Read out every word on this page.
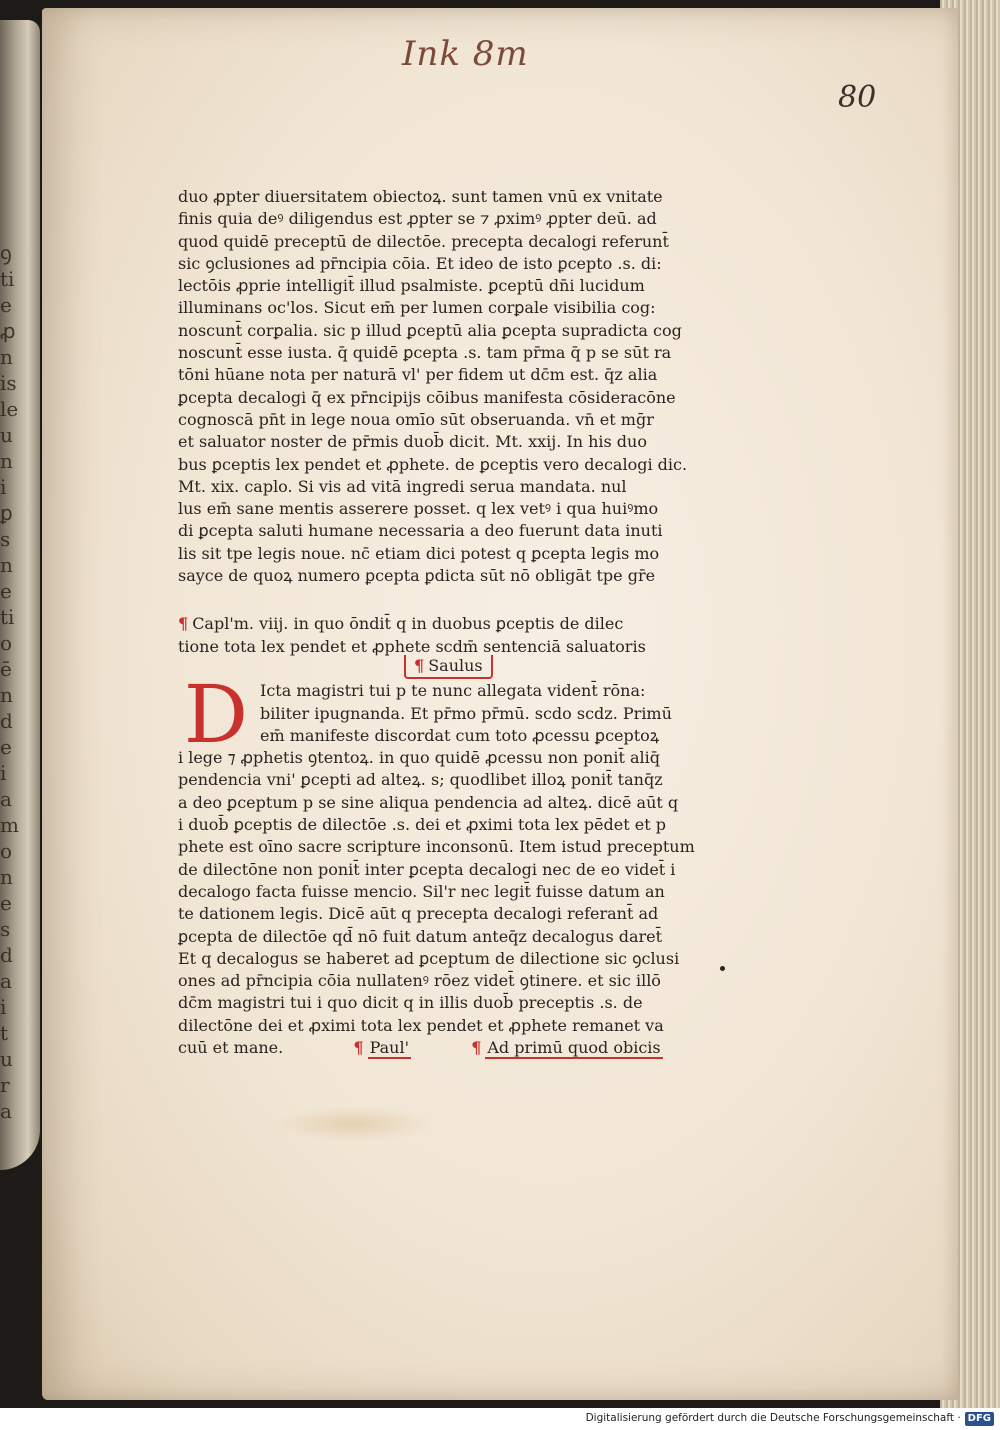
ꝯ
ti
e
ꝓ
n
is
le
u
n
i
ꝑ
s
n
e
ti
o
ē
n
d
e
i
a
m
o
n
e
s
d
a
i
t
u
r
a
Ink 8m
80
duo ꝓpter diuersitatem obiectoꝝ. sunt tamen vnū ex vnitate
finis quia deꝰ diligendus est ꝓpter se ⁊ ꝓximꝰ ꝓpter deū. ad
quod quidē preceptū de dilectōe. precepta decalogi referunt̄
sic ꝯclusiones ad pr̄ncipia cōia. Et ideo de isto ꝑcepto .s. di:
lectōis ꝓprie intelligit̄ illud psalmiste. ꝑceptū dn̄i lucidum
illuminans oc'los. Sicut em̄ per lumen corꝑale visibilia cog:
noscunt̄ corꝑalia. sic p illud ꝑceptū alia ꝑcepta supradicta cog
noscunt̄ esse iusta. q̄ quidē ꝑcepta .s. tam pr̄ma q̄ p se sūt ra
tōni hūane nota per naturā vl' per fidem ut dc̄m est. q̄z alia
ꝑcepta decalogi q̄ ex pr̄ncipijs cōibus manifesta cōsideracōne
cognoscā pn̄t in lege noua omīo sūt obseruanda. vn̄ et mḡr
et saluator noster de pr̄mis duob̄ dicit. Mt. xxij. In his duo
bus ꝑceptis lex pendet et ꝓphete. de ꝑceptis vero decalogi dic.
Mt. xix. caplo. Si vis ad vitā ingredi serua mandata. nul
lus em̄ sane mentis asserere posset. q lex vetꝰ i qua huiꝰmo
di ꝑcepta saluti humane necessaria a deo fuerunt data inuti
lis sit tpe legis noue. nc̄ etiam dici potest q ꝑcepta legis mo
sayce de quoꝝ numero ꝑcepta ꝑdicta sūt nō obligāt tpe gr̄e
¶ Capl'm. viij. in quo ōndit̄ q in duobus ꝑceptis de dilec
tione tota lex pendet et ꝓphete scdm̄ sentenciā saluatoris
D Icta magistri tui p te nunc allegata vident̄ rōna:
biliter ipugnanda. Et pr̄mo pr̄mū. scdo scdz. Primū
em̄ manifeste discordat cum toto ꝓcessu ꝑceptoꝝ
i lege ⁊ ꝓphetis ꝯtentoꝝ. in quo quidē ꝓcessu non ponit̄ aliq̄
pendencia vni' ꝑcepti ad alteꝝ. s; quodlibet illoꝝ ponit̄ tanq̄z
a deo ꝑceptum p se sine aliqua pendencia ad alteꝝ. dicē aūt q
i duob̄ ꝑceptis de dilectōe .s. dei et ꝓximi tota lex pēdet et p
phete est oīno sacre scripture inconsonū. Item istud preceptum
de dilectōne non ponit̄ inter ꝑcepta decalogi nec de eo videt̄ i
decalogo facta fuisse mencio. Sil'r nec legit̄ fuisse datum an
te dationem legis. Dicē aūt q precepta decalogi referant̄ ad
ꝑcepta de dilectōe qd̄ nō fuit datum anteq̄z decalogus daret̄
Et q decalogus se haberet ad ꝑceptum de dilectione sic ꝯclusi
ones ad pr̄ncipia cōia nullatenꝰ rōez videt̄ ꝯtinere. et sic illō
dc̄m magistri tui i quo dicit q in illis duob̄ preceptis .s. de
dilectōne dei et ꝓximi tota lex pendet et ꝓphete remanet va
cuū et mane.	¶ Paul'	¶ Ad primū quod obicis
¶ Saulus
Digitalisierung gefördert durch die Deutsche Forschungsgemeinschaft · DFG
